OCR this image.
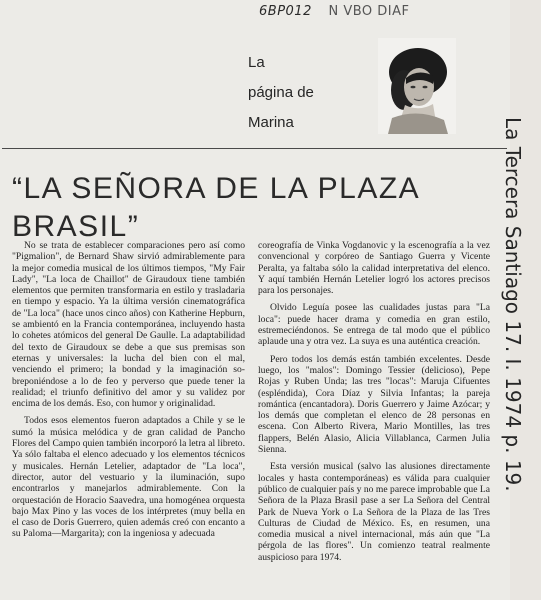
6BP012 N VBO DIAF
La
página de
Marina
“LA SEÑORA DE LA PLAZA
BRASIL”

No se trata de establecer comparaciones pero así como "Pigmalion", de Bernard Shaw sirvió admirablemente para la mejor comedia musical de los últimos tiempos, "My Fair Lady", "La loca de Chaillot" de Giraudoux tiene también elementos que permiten transformaria en estilo y trasladaria en tiempo y espacio. Ya la última versión cinematográfica de "La loca" (hace unos cinco años) con Katherine Hepburn, se ambientó en la Francia contemporánea, incluyendo hasta lo cohetes atómicos del general De Gaulle. La adaptabilidad del texto de Giraudoux se debe a que sus premisas son eternas y universales: la lucha del bien con el mal, venciendo el primero; la bondad y la imaginación sobreponiéndose a lo de feo y perverso que puede tener la realidad; el triunfo definitivo del amor y su validez por encima de los demás. Eso, con humor y originalidad.

Todos esos elementos fueron adaptados a Chile y se le sumó la música melódica y de gran calidad de Pancho Flores del Campo quien también incorporó la letra al libreto. Ya sólo faltaba el elenco adecuado y los elementos técnicos y musicales. Hernán Letelier, adaptador de "La loca", director, autor del vestuario y la iluminación, supo encontrarlos y manejarlos admirablemente. Con la orquestación de Horacio Saavedra, una homogénea orquesta bajo Max Pino y las voces de los intérpretes (muy bella en el caso de Doris Guerrero, quien además creó con encanto a su Paloma—Margarita); con la ingeniosa y adecuada

coreografía de Vinka Vogdanovic y la escenografía a la vez convencional y corpóreo de Santiago Guerra y Vicente Peralta, ya faltaba sólo la calidad interpretativa del elenco. Y aquí también Hernán Letelier logró los actores precisos para los personajes.

Olvido Leguía posee las cualidades justas para "La loca": puede hacer drama y comedia en gran estilo, estremeciéndonos. Se entrega de tal modo que el público aplaude una y otra vez. La suya es una auténtica creación.

Pero todos los demás están también excelentes. Desde luego, los "malos": Domingo Tessier (delicioso), Pepe Rojas y Ruben Unda; las tres "locas": Maruja Cifuentes (espléndida), Cora Díaz y Silvia Infantas; la pareja romántica (encantadora). Doris Guerrero y Jaime Azócar; y los demás que completan el elenco de 28 personas en escena. Con Alberto Rivera, Mario Montilles, las tres flappers, Belén Alasio, Alicia Villablanca, Carmen Julia Sienna.

Esta versión musical (salvo las alusiones directamente locales y hasta contemporáneas) es válida para cualquier público de cualquier país y no me parece improbable que La Señora de la Plaza Brasil pase a ser La Señora del Central Park de Nueva York o La Señora de la Plaza de las Tres Culturas de Ciudad de México. Es, en resumen, una comedia musical a nivel internacional, más aún que "La pérgola de las flores". Un comienzo teatral realmente auspicioso para 1974.

La Tercera Santiago 17. I. 1974 p. 19.
